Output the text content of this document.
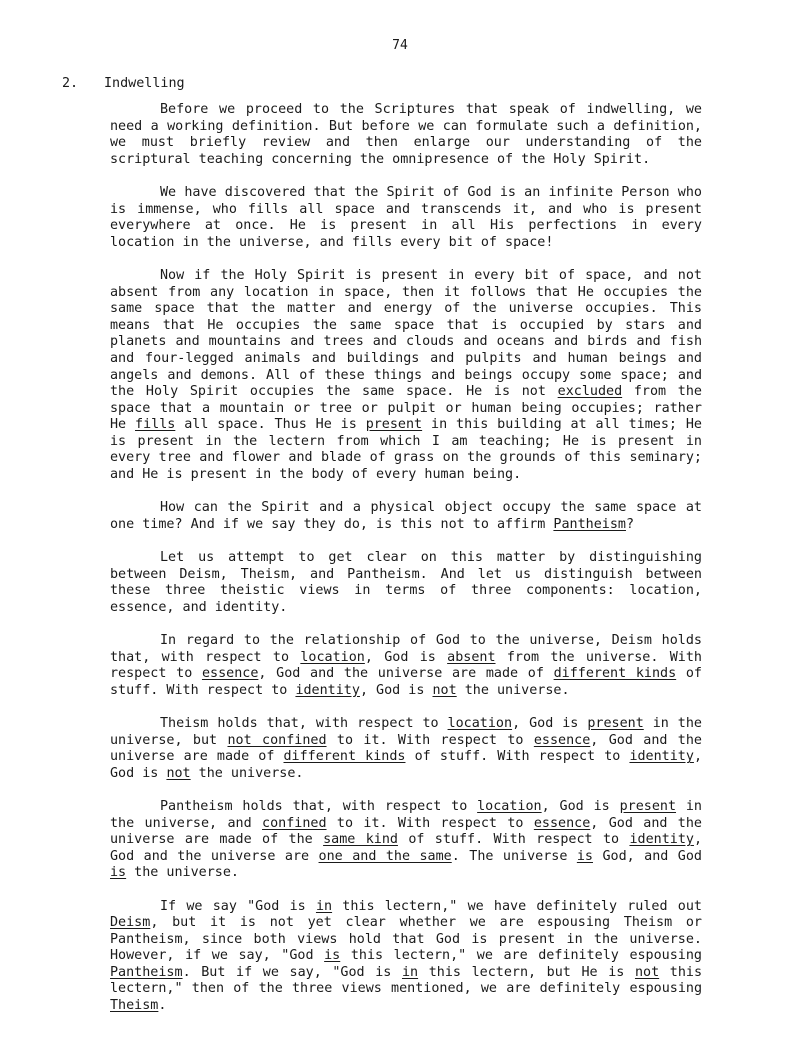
74
2. Indwelling

Before we proceed to the Scriptures that speak of indwelling, we need a working definition. But before we can formulate such a definition, we must briefly review and then enlarge our understanding of the scriptural teaching concerning the omnipresence of the Holy Spirit.

We have discovered that the Spirit of God is an infinite Person who is immense, who fills all space and transcends it, and who is present everywhere at once. He is present in all His perfections in every location in the universe, and fills every bit of space!

Now if the Holy Spirit is present in every bit of space, and not absent from any location in space, then it follows that He occupies the same space that the matter and energy of the universe occupies. This means that He occupies the same space that is occupied by stars and planets and mountains and trees and clouds and oceans and birds and fish and four-legged animals and buildings and pulpits and human beings and angels and demons. All of these things and beings occupy some space; and the Holy Spirit occupies the same space. He is not excluded from the space that a mountain or tree or pulpit or human being occupies; rather He fills all space. Thus He is present in this building at all times; He is present in the lectern from which I am teaching; He is present in every tree and flower and blade of grass on the grounds of this seminary; and He is present in the body of every human being.

How can the Spirit and a physical object occupy the same space at one time? And if we say they do, is this not to affirm Pantheism?

Let us attempt to get clear on this matter by distinguishing between Deism, Theism, and Pantheism. And let us distinguish between these three theistic views in terms of three components: location, essence, and identity.

In regard to the relationship of God to the universe, Deism holds that, with respect to location, God is absent from the universe. With respect to essence, God and the universe are made of different kinds of stuff. With respect to identity, God is not the universe.

Theism holds that, with respect to location, God is present in the universe, but not confined to it. With respect to essence, God and the universe are made of different kinds of stuff. With respect to identity, God is not the universe.

Pantheism holds that, with respect to location, God is present in the universe, and confined to it. With respect to essence, God and the universe are made of the same kind of stuff. With respect to identity, God and the universe are one and the same. The universe is God, and God is the universe.

If we say "God is in this lectern," we have definitely ruled out Deism, but it is not yet clear whether we are espousing Theism or Pantheism, since both views hold that God is present in the universe. However, if we say, "God is this lectern," we are definitely espousing Pantheism. But if we say, "God is in this lectern, but He is not this lectern," then of the three views mentioned, we are definitely espousing Theism.
